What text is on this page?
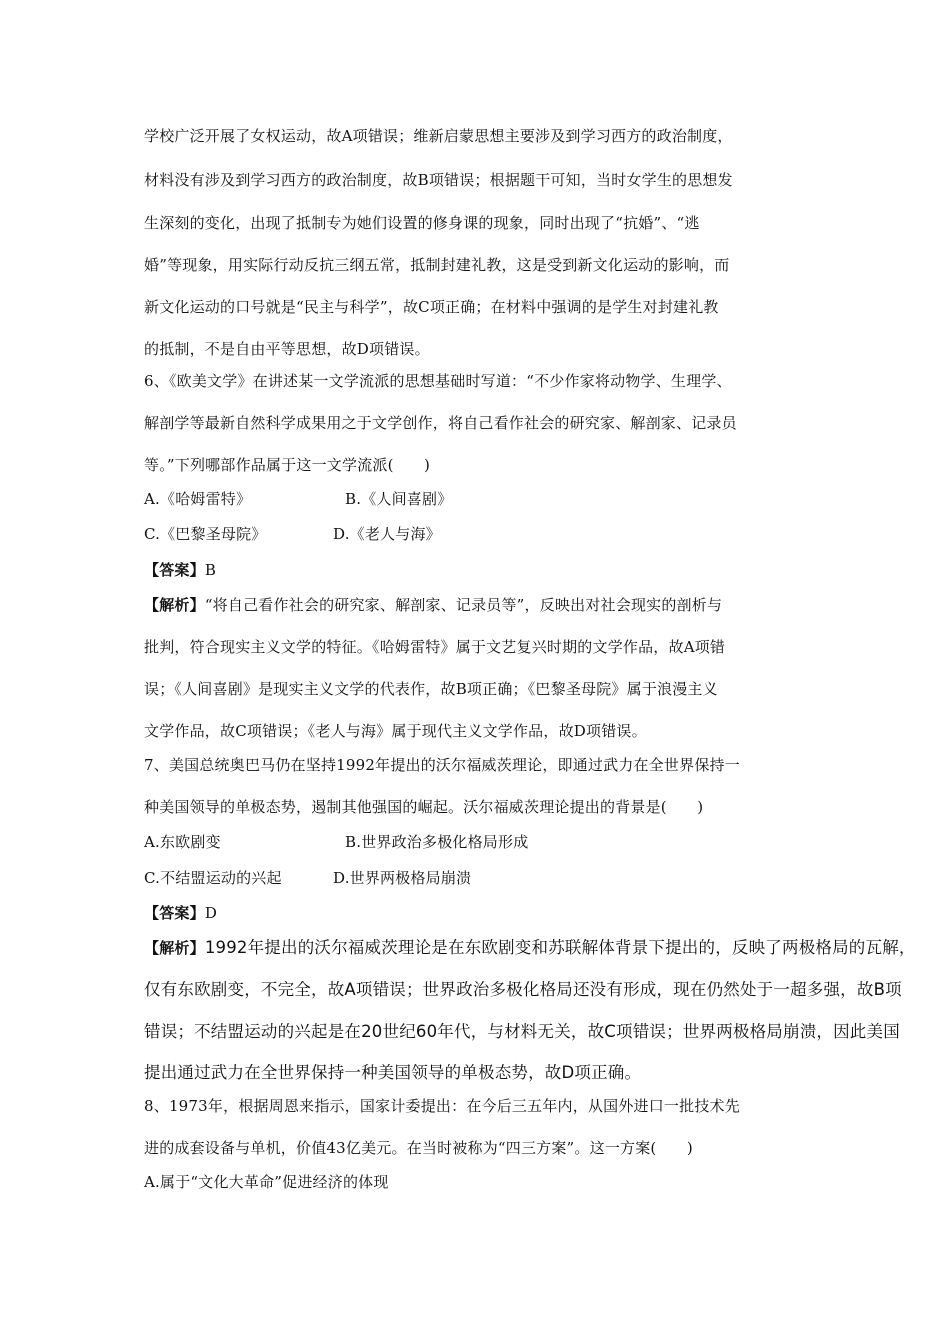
学校广泛开展了女权运动，故A项错误；维新启蒙思想主要涉及到学习西方的政治制度，
材料没有涉及到学习西方的政治制度，故B项错误；根据题干可知，当时女学生的思想发
生深刻的变化，出现了抵制专为她们设置的修身课的现象，同时出现了“抗婚”、“逃
婚”等现象，用实际行动反抗三纲五常，抵制封建礼教，这是受到新文化运动的影响，而
新文化运动的口号就是“民主与科学”，故C项正确；在材料中强调的是学生对封建礼教
的抵制，不是自由平等思想，故D项错误。
6、《欧美文学》在讲述某一文学流派的思想基础时写道：“不少作家将动物学、生理学、
解剖学等最新自然科学成果用之于文学创作，将自己看作社会的研究家、解剖家、记录员
等。”下列哪部作品属于这一文学流派(　　)
A.《哈姆雷特》	B.《人间喜剧》
C.《巴黎圣母院》	D.《老人与海》
【答案】B
【解析】“将自己看作社会的研究家、解剖家、记录员等”，反映出对社会现实的剖析与
批判，符合现实主义文学的特征。《哈姆雷特》属于文艺复兴时期的文学作品，故A项错
误；《人间喜剧》是现实主义文学的代表作，故B项正确；《巴黎圣母院》属于浪漫主义
文学作品，故C项错误；《老人与海》属于现代主义文学作品，故D项错误。
7、美国总统奥巴马仍在坚持1992年提出的沃尔福威茨理论，即通过武力在全世界保持一
种美国领导的单极态势，遏制其他强国的崛起。沃尔福威茨理论提出的背景是(　　)
A.东欧剧变	B.世界政治多极化格局形成
C.不结盟运动的兴起	D.世界两极格局崩溃
【答案】D
【解析】1992年提出的沃尔福威茨理论是在东欧剧变和苏联解体背景下提出的，反映了两极格局的瓦解，
仅有东欧剧变，不完全，故A项错误；世界政治多极化格局还没有形成，现在仍然处于一超多强，故B项
错误；不结盟运动的兴起是在20世纪60年代，与材料无关，故C项错误；世界两极格局崩溃，因此美国
提出通过武力在全世界保持一种美国领导的单极态势，故D项正确。
8、1973年，根据周恩来指示，国家计委提出：在今后三五年内，从国外进口一批技术先
进的成套设备与单机，价值43亿美元。在当时被称为“四三方案”。这一方案(　　)
A.属于“文化大革命”促进经济的体现
